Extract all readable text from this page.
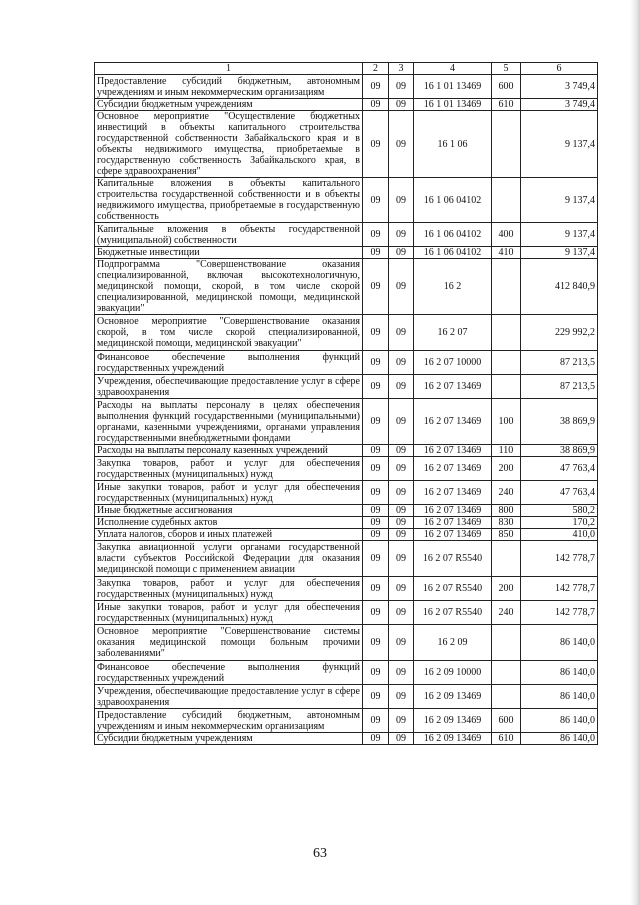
1	2	3	4	5	6
Предоставление субсидий бюджетным, автономным учреждениям и иным некоммерческим организациям	09	09	16 1 01 13469	600	3 749,4
Субсидии бюджетным учреждениям	09	09	16 1 01 13469	610	3 749,4
Основное мероприятие "Осуществление бюджетных инвестиций в объекты капитального строительства государственной собственности Забайкальского края и в объекты недвижимого имущества, приобретаемые в государственную собственность Забайкальского края, в сфере здравоохранения"	09	09	16 1 06		9 137,4
Капитальные вложения в объекты капитального строительства государственной собственности и в объекты недвижимого имущества, приобретаемые в государственную собственность	09	09	16 1 06 04102		9 137,4
Капитальные вложения в объекты государственной (муниципальной) собственности	09	09	16 1 06 04102	400	9 137,4
Бюджетные инвестиции	09	09	16 1 06 04102	410	9 137,4
Подпрограмма "Совершенствование оказания специализированной, включая высокотехнологичную, медицинской помощи, скорой, в том числе скорой специализированной, медицинской помощи, медицинской эвакуации"	09	09	16 2		412 840,9
Основное мероприятие "Совершенствование оказания скорой, в том числе скорой специализированной, медицинской помощи, медицинской эвакуации"	09	09	16 2 07		229 992,2
Финансовое обеспечение выполнения функций государственных учреждений	09	09	16 2 07 10000		87 213,5
Учреждения, обеспечивающие предоставление услуг в сфере здравоохранения	09	09	16 2 07 13469		87 213,5
Расходы на выплаты персоналу в целях обеспечения выполнения функций государственными (муниципальными) органами, казенными учреждениями, органами управления государственными внебюджетными фондами	09	09	16 2 07 13469	100	38 869,9
Расходы на выплаты персоналу казенных учреждений	09	09	16 2 07 13469	110	38 869,9
Закупка товаров, работ и услуг для обеспечения государственных (муниципальных) нужд	09	09	16 2 07 13469	200	47 763,4
Иные закупки товаров, работ и услуг для обеспечения государственных (муниципальных) нужд	09	09	16 2 07 13469	240	47 763,4
Иные бюджетные ассигнования	09	09	16 2 07 13469	800	580,2
Исполнение судебных актов	09	09	16 2 07 13469	830	170,2
Уплата налогов, сборов и иных платежей	09	09	16 2 07 13469	850	410,0
Закупка авиационной услуги органами государственной власти субъектов Российской Федерации для оказания медицинской помощи с применением авиации	09	09	16 2 07 R5540		142 778,7
Закупка товаров, работ и услуг для обеспечения государственных (муниципальных) нужд	09	09	16 2 07 R5540	200	142 778,7
Иные закупки товаров, работ и услуг для обеспечения государственных (муниципальных) нужд	09	09	16 2 07 R5540	240	142 778,7
Основное мероприятие "Совершенствование системы оказания медицинской помощи больным прочими заболеваниями"	09	09	16 2 09		86 140,0
Финансовое обеспечение выполнения функций государственных учреждений	09	09	16 2 09 10000		86 140,0
Учреждения, обеспечивающие предоставление услуг в сфере здравоохранения	09	09	16 2 09 13469		86 140,0
Предоставление субсидий бюджетным, автономным учреждениям и иным некоммерческим организациям	09	09	16 2 09 13469	600	86 140,0
Субсидии бюджетным учреждениям	09	09	16 2 09 13469	610	86 140,0
63
